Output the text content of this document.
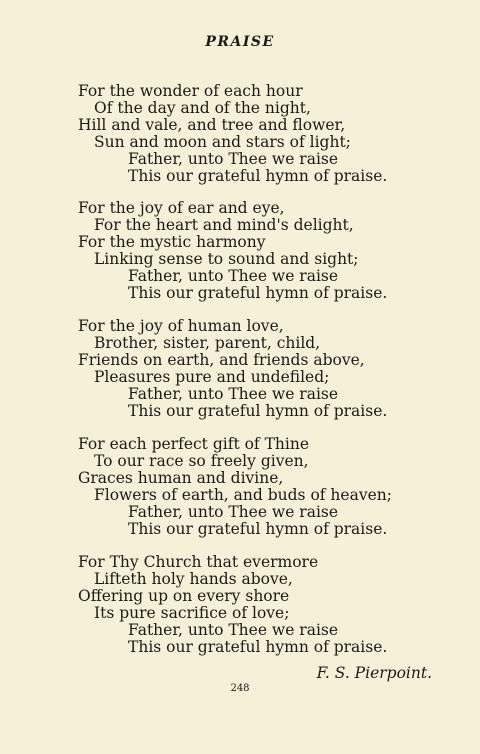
PRAISE
For the wonder of each hour
Of the day and of the night,
Hill and vale, and tree and flower,
Sun and moon and stars of light;
Father, unto Thee we raise
This our grateful hymn of praise.
For the joy of ear and eye,
For the heart and mind's delight,
For the mystic harmony
Linking sense to sound and sight;
Father, unto Thee we raise
This our grateful hymn of praise.
For the joy of human love,
Brother, sister, parent, child,
Friends on earth, and friends above,
Pleasures pure and undefiled;
Father, unto Thee we raise
This our grateful hymn of praise.
For each perfect gift of Thine
To our race so freely given,
Graces human and divine,
Flowers of earth, and buds of heaven;
Father, unto Thee we raise
This our grateful hymn of praise.
For Thy Church that evermore
Lifteth holy hands above,
Offering up on every shore
Its pure sacrifice of love;
Father, unto Thee we raise
This our grateful hymn of praise.
F. S. Pierpoint.
248
